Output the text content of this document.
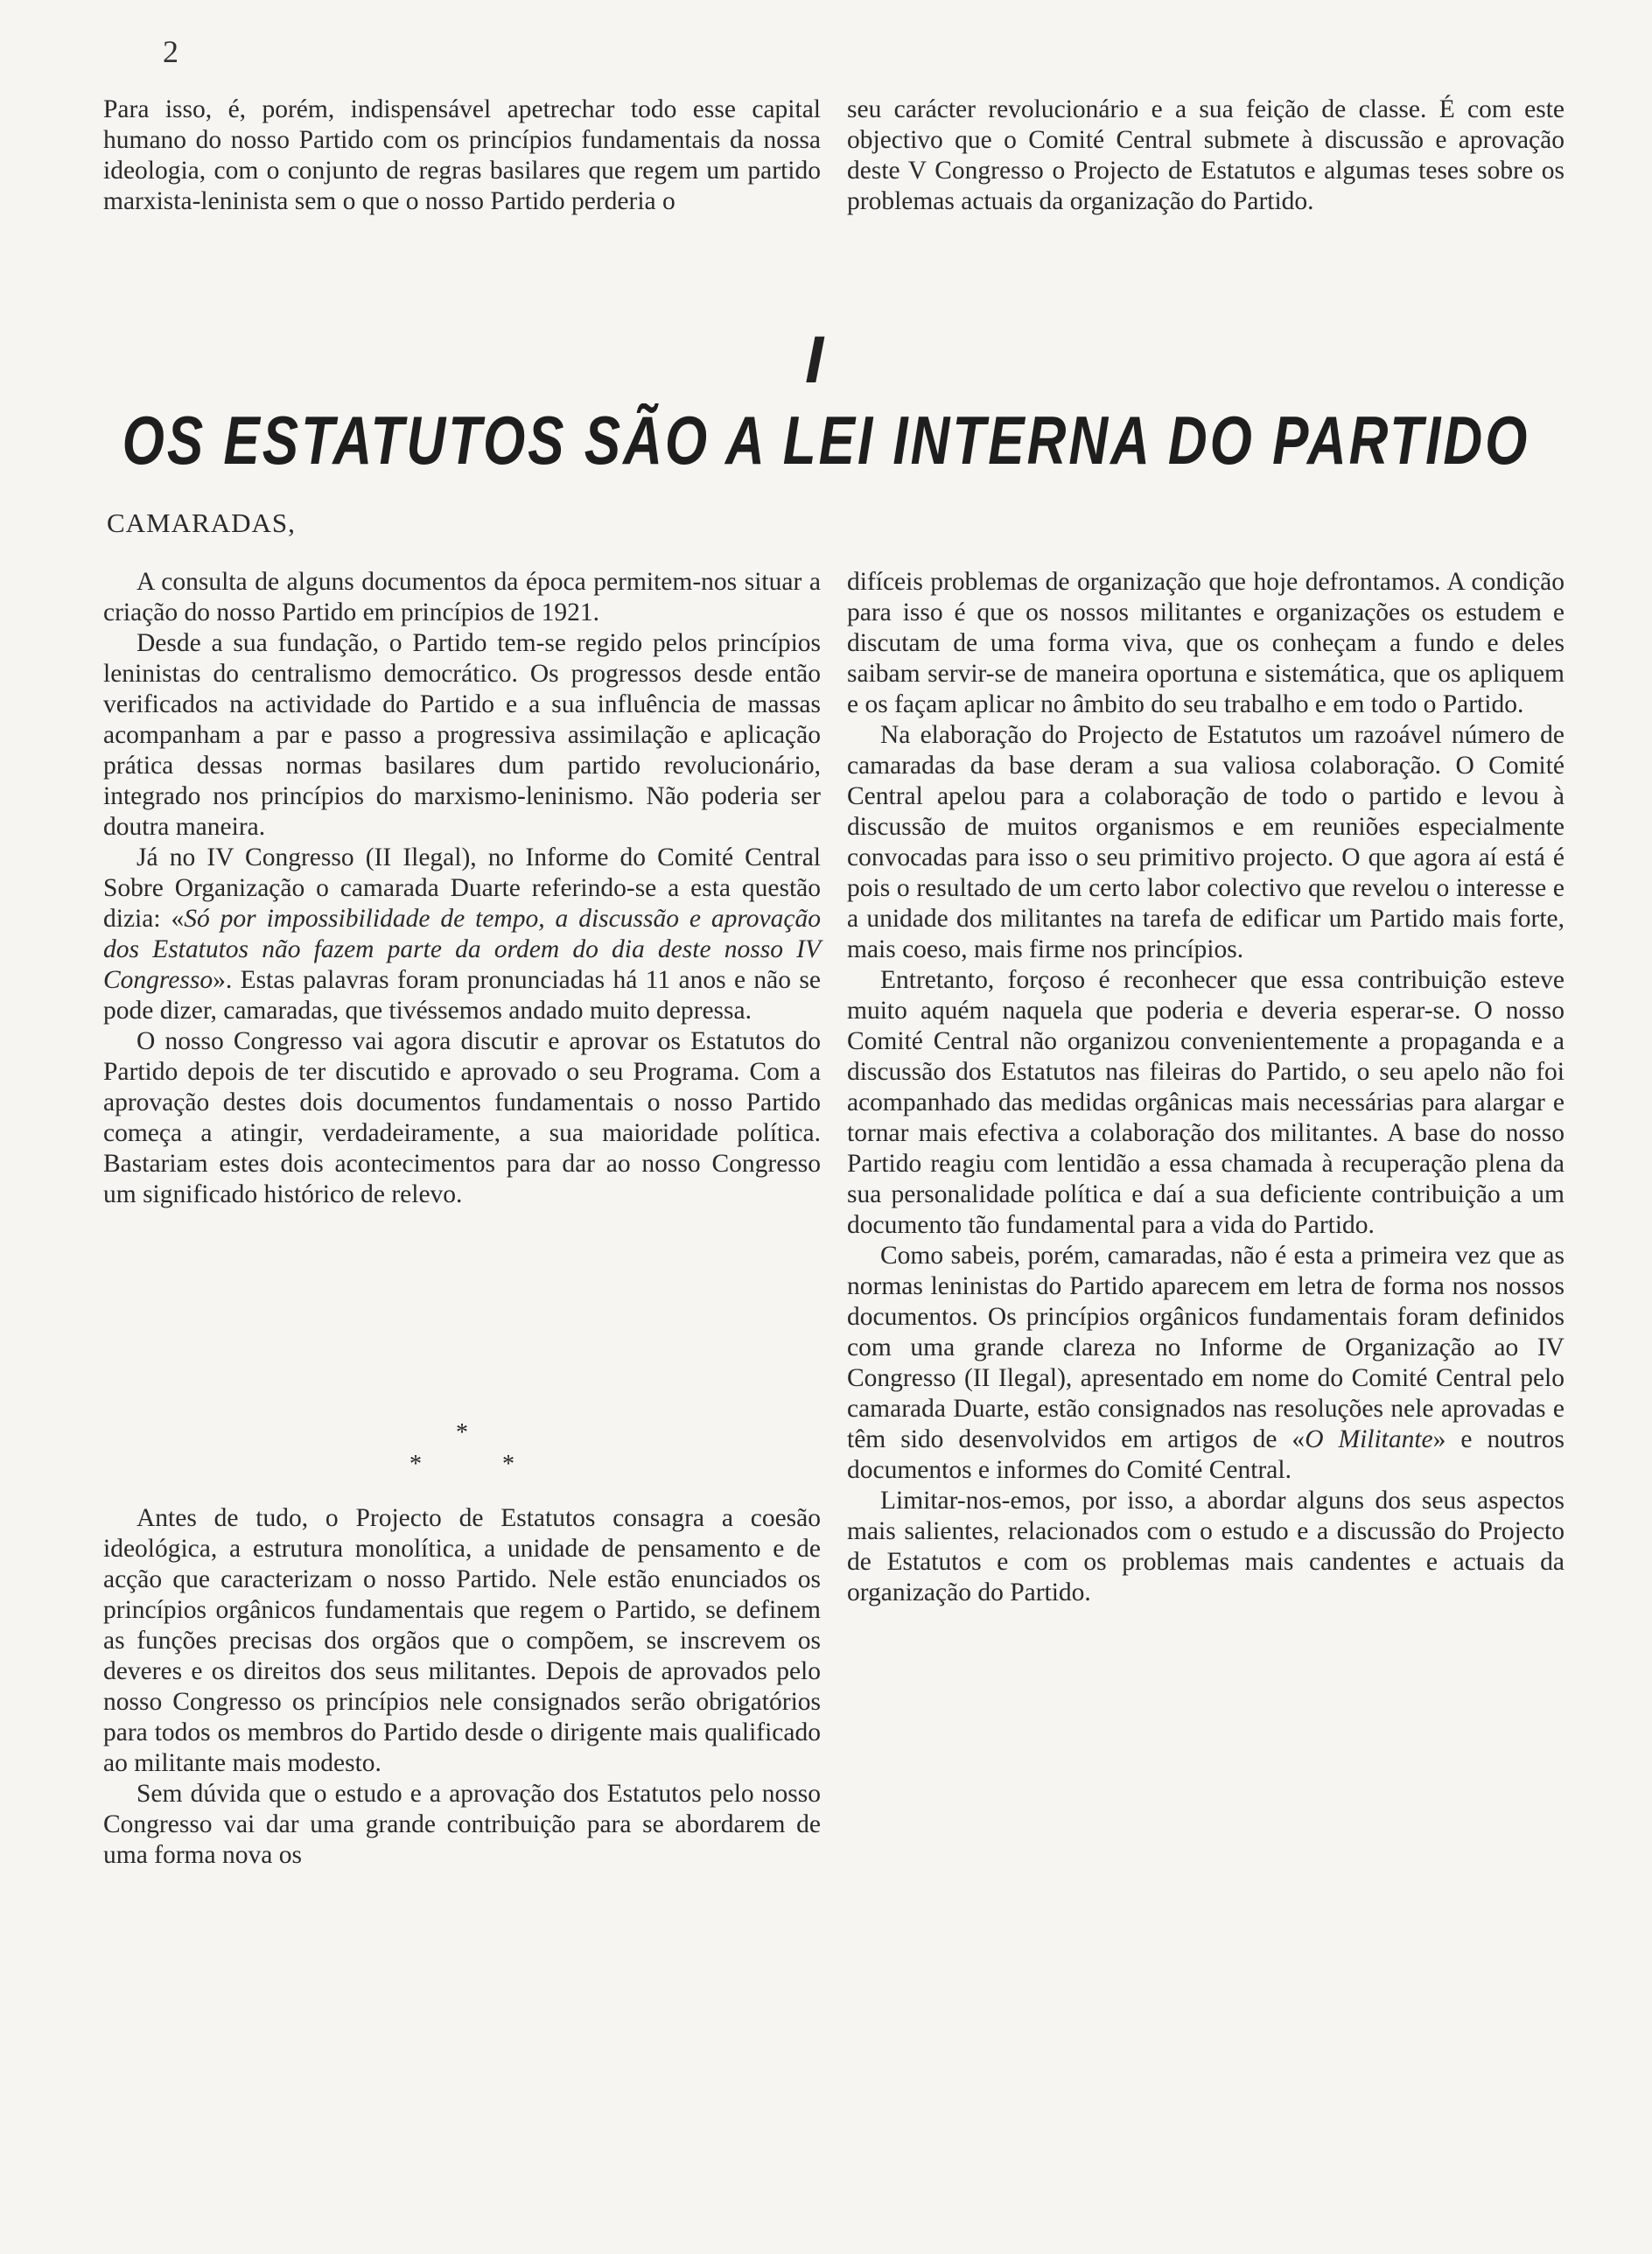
2

Para isso, é, porém, indispensável apetrechar todo esse capital humano do nosso Partido com os princípios fundamentais da nossa ideologia, com o conjunto de regras basilares que regem um partido marxista-leninista sem o que o nosso Partido perderia o

seu carácter revolucionário e a sua feição de classe. É com este objectivo que o Comité Central submete à discussão e aprovação deste V Congresso o Projecto de Estatutos e algumas teses sobre os problemas actuais da organização do Partido.

I
OS ESTATUTOS SÃO A LEI INTERNA DO PARTIDO
CAMARADAS,

A consulta de alguns documentos da época permitem-nos situar a criação do nosso Partido em princípios de 1921.

Desde a sua fundação, o Partido tem-se regido pelos princípios leninistas do centralismo democrático. Os progressos desde então verificados na actividade do Partido e a sua influência de massas acompanham a par e passo a progressiva assimilação e aplicação prática dessas normas basilares dum partido revolucionário, integrado nos princípios do marxismo-leninismo. Não poderia ser doutra maneira.

Já no IV Congresso (II Ilegal), no Informe do Comité Central Sobre Organização o camarada Duarte referindo-se a esta questão dizia: «Só por impossibilidade de tempo, a discussão e aprovação dos Estatutos não fazem parte da ordem do dia deste nosso IV Congresso». Estas palavras foram pronunciadas há 11 anos e não se pode dizer, camaradas, que tivéssemos andado muito depressa.

O nosso Congresso vai agora discutir e aprovar os Estatutos do Partido depois de ter discutido e aprovado o seu Programa. Com a aprovação destes dois documentos fundamentais o nosso Partido começa a atingir, verdadeiramente, a sua maioridade política. Bastariam estes dois acontecimentos para dar ao nosso Congresso um significado histórico de relevo.

*
*	*

Antes de tudo, o Projecto de Estatutos consagra a coesão ideológica, a estrutura monolítica, a unidade de pensamento e de acção que caracterizam o nosso Partido. Nele estão enunciados os princípios orgânicos fundamentais que regem o Partido, se definem as funções precisas dos orgãos que o compõem, se inscrevem os deveres e os direitos dos seus militantes. Depois de aprovados pelo nosso Congresso os princípios nele consignados serão obrigatórios para todos os membros do Partido desde o dirigente mais qualificado ao militante mais modesto.

Sem dúvida que o estudo e a aprovação dos Estatutos pelo nosso Congresso vai dar uma grande contribuição para se abordarem de uma forma nova os

difíceis problemas de organização que hoje defrontamos. A condição para isso é que os nossos militantes e organizações os estudem e discutam de uma forma viva, que os conheçam a fundo e deles saibam servir-se de maneira oportuna e sistemática, que os apliquem e os façam aplicar no âmbito do seu trabalho e em todo o Partido.

Na elaboração do Projecto de Estatutos um razoável número de camaradas da base deram a sua valiosa colaboração. O Comité Central apelou para a colaboração de todo o partido e levou à discussão de muitos organismos e em reuniões especialmente convocadas para isso o seu primitivo projecto. O que agora aí está é pois o resultado de um certo labor colectivo que revelou o interesse e a unidade dos militantes na tarefa de edificar um Partido mais forte, mais coeso, mais firme nos princípios.

Entretanto, forçoso é reconhecer que essa contribuição esteve muito aquém naquela que poderia e deveria esperar-se. O nosso Comité Central não organizou convenientemente a propaganda e a discussão dos Estatutos nas fileiras do Partido, o seu apelo não foi acompanhado das medidas orgânicas mais necessárias para alargar e tornar mais efectiva a colaboração dos militantes. A base do nosso Partido reagiu com lentidão a essa chamada à recuperação plena da sua personalidade política e daí a sua deficiente contribuição a um documento tão fundamental para a vida do Partido.

Como sabeis, porém, camaradas, não é esta a primeira vez que as normas leninistas do Partido aparecem em letra de forma nos nossos documentos. Os princípios orgânicos fundamentais foram definidos com uma grande clareza no Informe de Organização ao IV Congresso (II Ilegal), apresentado em nome do Comité Central pelo camarada Duarte, estão consignados nas resoluções nele aprovadas e têm sido desenvolvidos em artigos de «O Militante» e noutros documentos e informes do Comité Central.

Limitar-nos-emos, por isso, a abordar alguns dos seus aspectos mais salientes, relacionados com o estudo e a discussão do Projecto de Estatutos e com os problemas mais candentes e actuais da organização do Partido.
